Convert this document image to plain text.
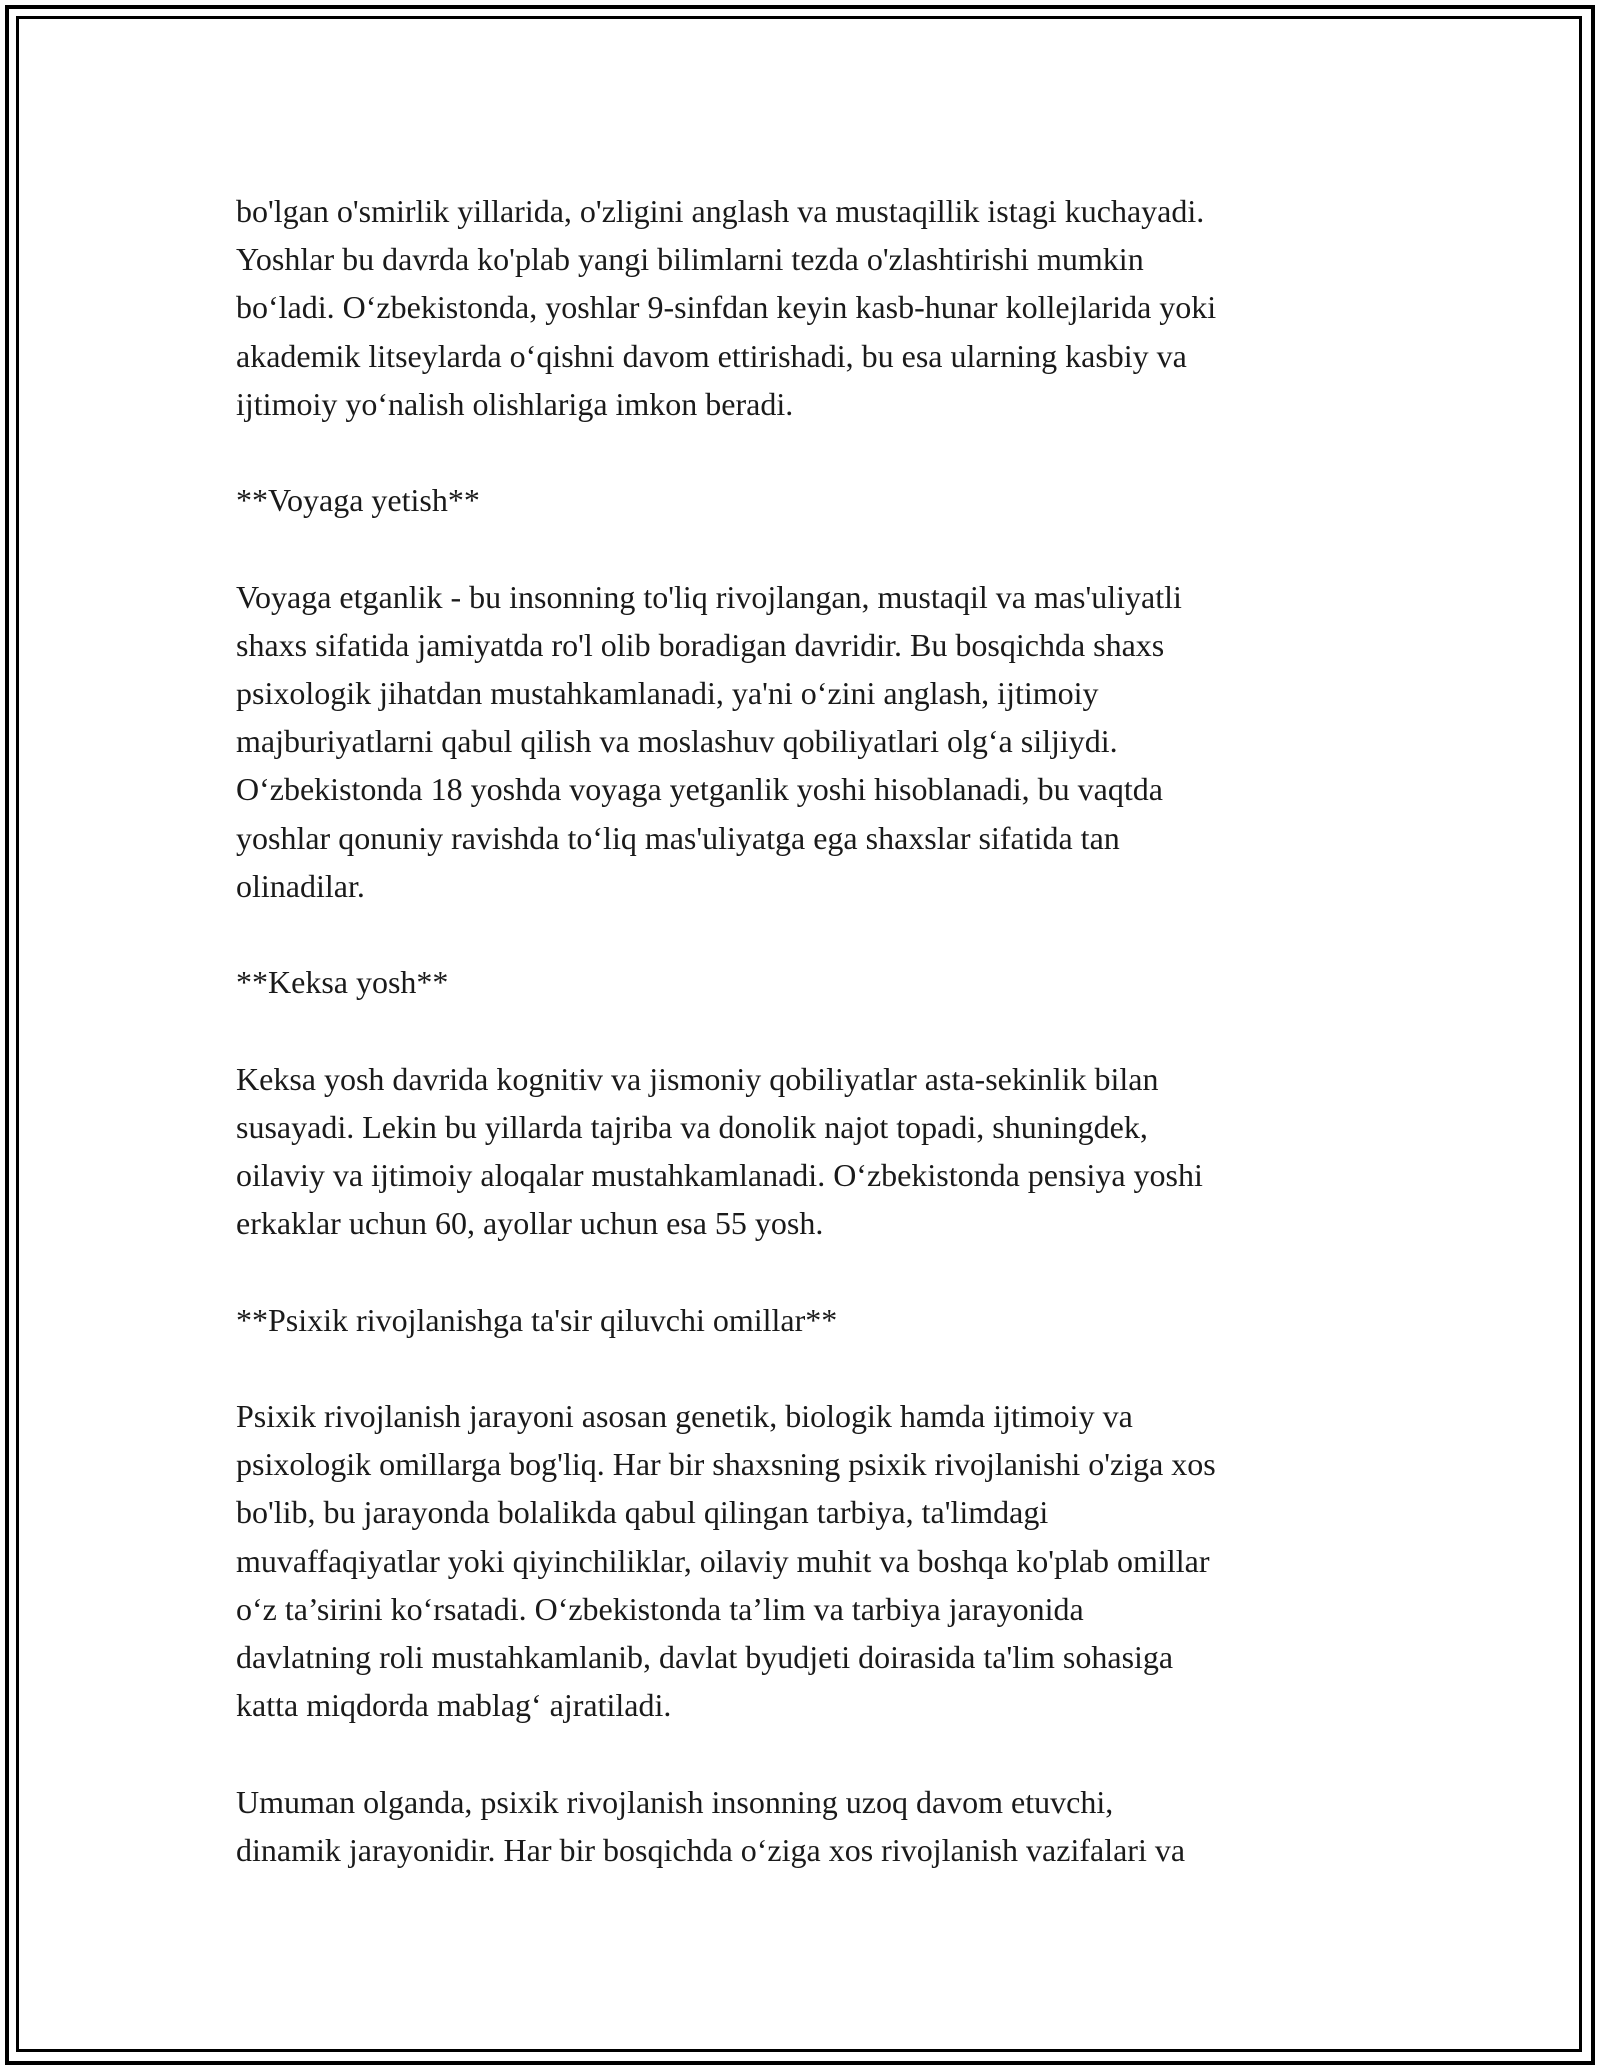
bo'lgan o'smirlik yillarida, o'zligini anglash va mustaqillik istagi kuchayadi.
Yoshlar bu davrda ko'plab yangi bilimlarni tezda o'zlashtirishi mumkin
bo‘ladi. O‘zbekistonda, yoshlar 9-sinfdan keyin kasb-hunar kollejlarida yoki
akademik litseylarda o‘qishni davom ettirishadi, bu esa ularning kasbiy va
ijtimoiy yo‘nalish olishlariga imkon beradi.

**Voyaga yetish**

Voyaga etganlik - bu insonning to'liq rivojlangan, mustaqil va mas'uliyatli
shaxs sifatida jamiyatda ro'l olib boradigan davridir. Bu bosqichda shaxs
psixologik jihatdan mustahkamlanadi, ya'ni o‘zini anglash, ijtimoiy
majburiyatlarni qabul qilish va moslashuv qobiliyatlari olg‘a siljiydi.
O‘zbekistonda 18 yoshda voyaga yetganlik yoshi hisoblanadi, bu vaqtda
yoshlar qonuniy ravishda to‘liq mas'uliyatga ega shaxslar sifatida tan
olinadilar.

**Keksa yosh**

Keksa yosh davrida kognitiv va jismoniy qobiliyatlar asta-sekinlik bilan
susayadi. Lekin bu yillarda tajriba va donolik najot topadi, shuningdek,
oilaviy va ijtimoiy aloqalar mustahkamlanadi. O‘zbekistonda pensiya yoshi
erkaklar uchun 60, ayollar uchun esa 55 yosh.

**Psixik rivojlanishga ta'sir qiluvchi omillar**

Psixik rivojlanish jarayoni asosan genetik, biologik hamda ijtimoiy va
psixologik omillarga bog'liq. Har bir shaxsning psixik rivojlanishi o'ziga xos
bo'lib, bu jarayonda bolalikda qabul qilingan tarbiya, ta'limdagi
muvaffaqiyatlar yoki qiyinchiliklar, oilaviy muhit va boshqa ko'plab omillar
o‘z ta’sirini ko‘rsatadi. O‘zbekistonda ta’lim va tarbiya jarayonida
davlatning roli mustahkamlanib, davlat byudjeti doirasida ta'lim sohasiga
katta miqdorda mablag‘ ajratiladi.

Umuman olganda, psixik rivojlanish insonning uzoq davom etuvchi,
dinamik jarayonidir. Har bir bosqichda o‘ziga xos rivojlanish vazifalari va
